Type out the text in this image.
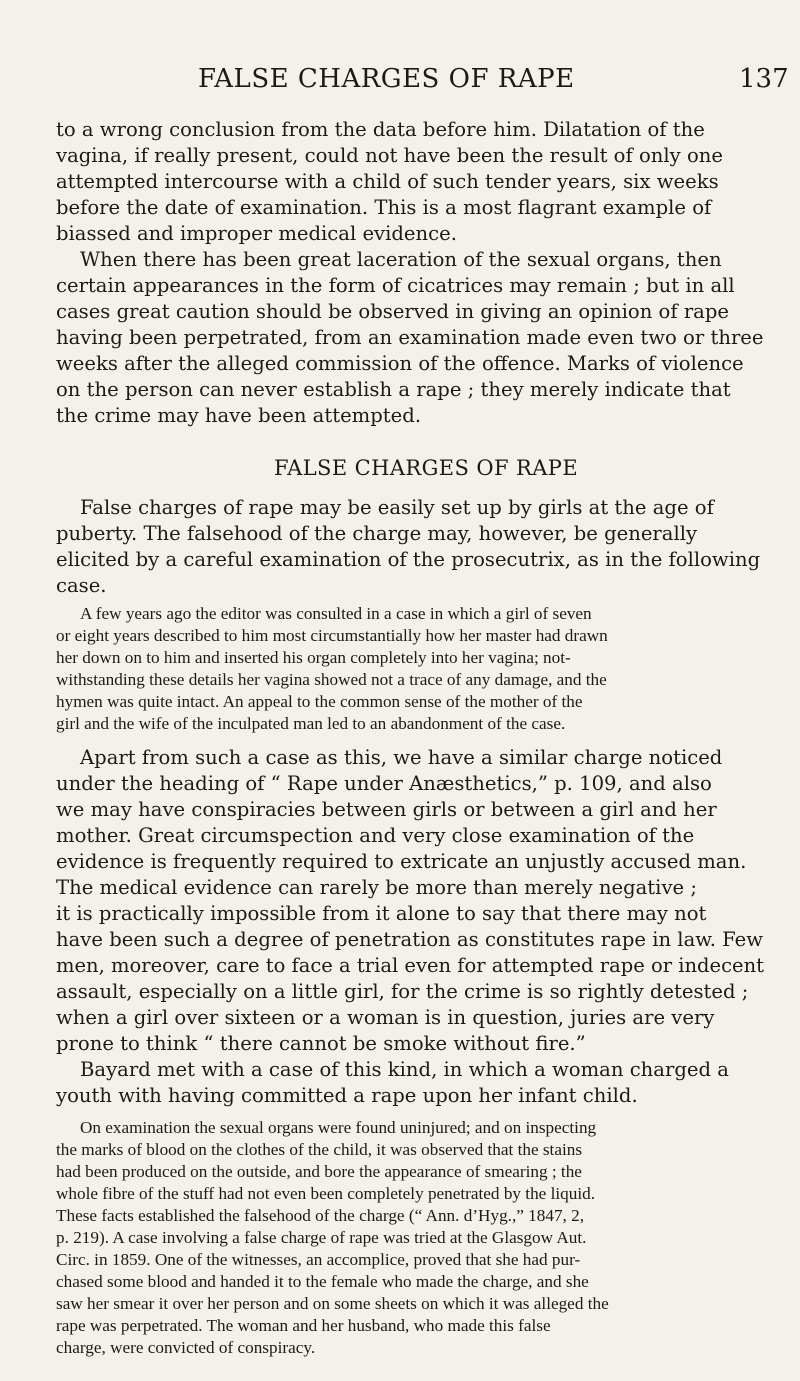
FALSE CHARGES OF RAPE	137
to a wrong conclusion from the data before him. Dilatation of the
vagina, if really present, could not have been the result of only one
attempted intercourse with a child of such tender years, six weeks
before the date of examination. This is a most flagrant example of
biassed and improper medical evidence.
When there has been great laceration of the sexual organs, then
certain appearances in the form of cicatrices may remain ; but in all
cases great caution should be observed in giving an opinion of rape
having been perpetrated, from an examination made even two or three
weeks after the alleged commission of the offence. Marks of violence
on the person can never establish a rape ; they merely indicate that
the crime may have been attempted.
FALSE CHARGES OF RAPE
False charges of rape may be easily set up by girls at the age of
puberty. The falsehood of the charge may, however, be generally
elicited by a careful examination of the prosecutrix, as in the following
case.
A few years ago the editor was consulted in a case in which a girl of seven
or eight years described to him most circumstantially how her master had drawn
her down on to him and inserted his organ completely into her vagina; not-
withstanding these details her vagina showed not a trace of any damage, and the
hymen was quite intact. An appeal to the common sense of the mother of the
girl and the wife of the inculpated man led to an abandonment of the case.
Apart from such a case as this, we have a similar charge noticed
under the heading of “ Rape under Anæsthetics,” p. 109, and also
we may have conspiracies between girls or between a girl and her
mother. Great circumspection and very close examination of the
evidence is frequently required to extricate an unjustly accused man.
The medical evidence can rarely be more than merely negative ;
it is practically impossible from it alone to say that there may not
have been such a degree of penetration as constitutes rape in law. Few
men, moreover, care to face a trial even for attempted rape or indecent
assault, especially on a little girl, for the crime is so rightly detested ;
when a girl over sixteen or a woman is in question, juries are very
prone to think “ there cannot be smoke without fire.”
Bayard met with a case of this kind, in which a woman charged a
youth with having committed a rape upon her infant child.
On examination the sexual organs were found uninjured; and on inspecting
the marks of blood on the clothes of the child, it was observed that the stains
had been produced on the outside, and bore the appearance of smearing ; the
whole fibre of the stuff had not even been completely penetrated by the liquid.
These facts established the falsehood of the charge (“ Ann. d’Hyg.,” 1847, 2,
p. 219). A case involving a false charge of rape was tried at the Glasgow Aut.
Circ. in 1859. One of the witnesses, an accomplice, proved that she had pur-
chased some blood and handed it to the female who made the charge, and she
saw her smear it over her person and on some sheets on which it was alleged the
rape was perpetrated. The woman and her husband, who made this false
charge, were convicted of conspiracy.
